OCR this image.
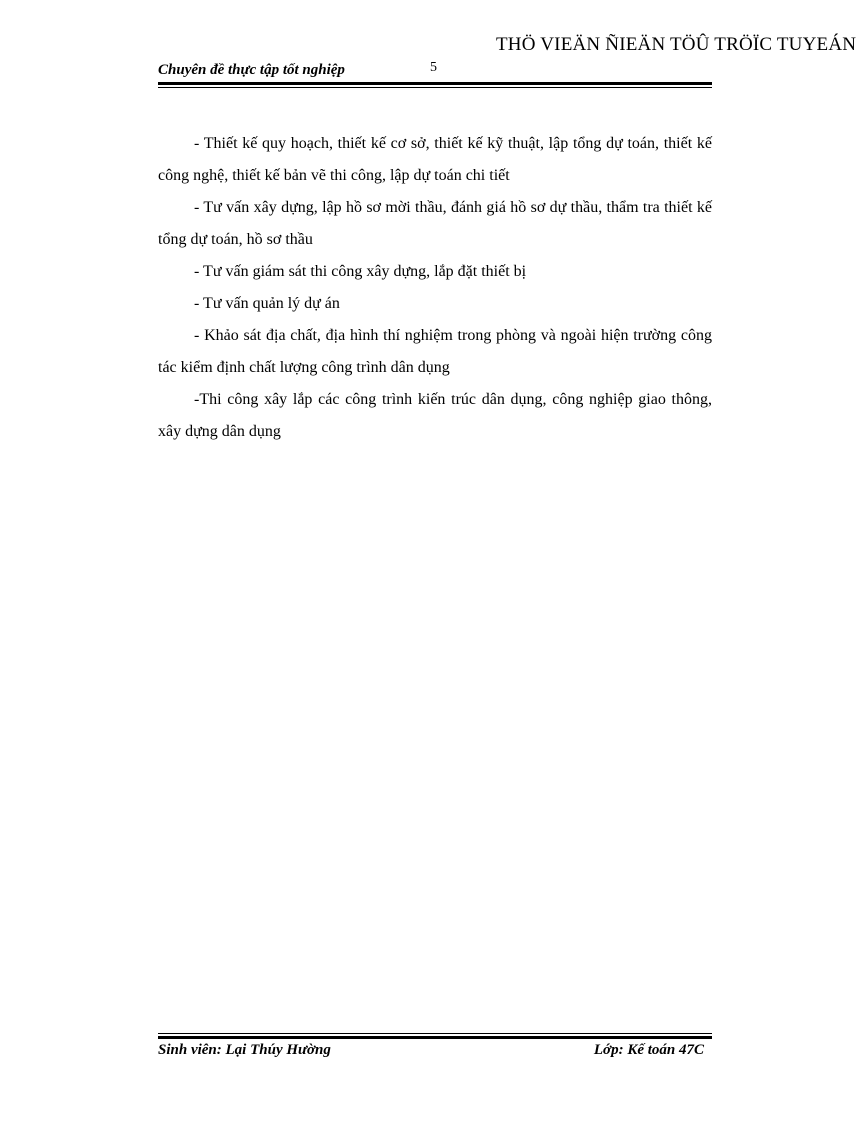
THÖ VIEÄN ÑIEÄN TÖÛ TRÖÏC TUYEÁN
Chuyên đề thực tập tốt nghiệp	5

- Thiết kế quy hoạch, thiết kế cơ sở, thiết kế kỹ thuật, lập tổng dự toán, thiết kế công nghệ, thiết kế bản vẽ thi công, lập dự toán chi tiết

- Tư vấn xây dựng, lập hồ sơ mời thầu, đánh giá hồ sơ dự thầu, thẩm tra thiết kế tổng dự toán, hồ sơ thầu

- Tư vấn giám sát thi công xây dựng, lắp đặt thiết bị

- Tư vấn quản lý dự án

- Khảo sát địa chất, địa hình thí nghiệm trong phòng và ngoài hiện trường công tác kiểm định chất lượng công trình dân dụng

-Thi công xây lắp các công trình kiến trúc dân dụng, công nghiệp giao thông, xây dựng dân dụng

Sinh viên: Lại Thúy Hường	Lớp: Kế toán 47C
